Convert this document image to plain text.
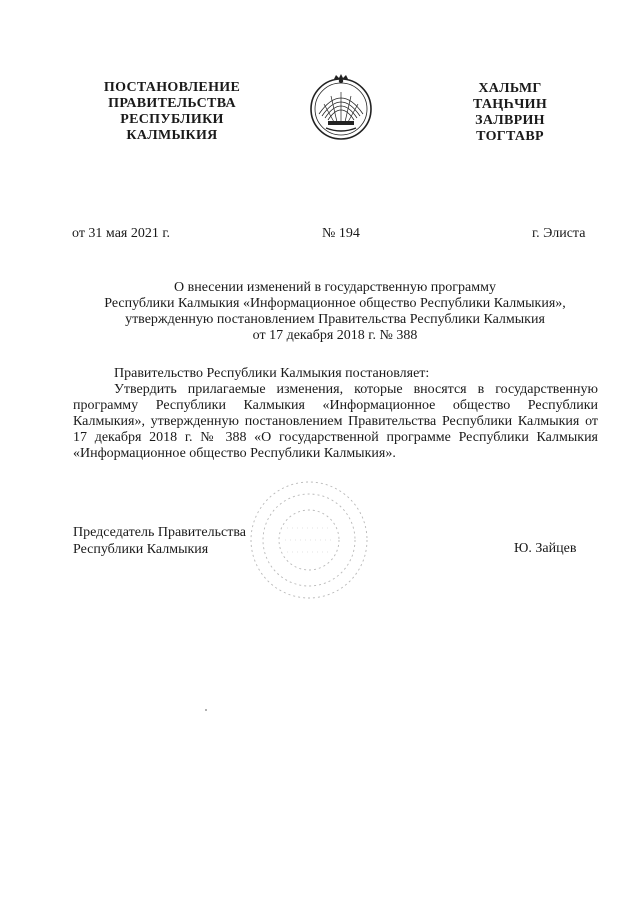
ПОСТАНОВЛЕНИЕ
ПРАВИТЕЛЬСТВА
РЕСПУБЛИКИ
КАЛМЫКИЯ
ХАЛЬМГ
ТАҢҺЧИН
ЗАЛВРИН
ТОГТАВР
от 31 мая 2021 г.	№ 194	г. Элиста
О внесении изменений в государственную программу
Республики Калмыкия «Информационное общество Республики Калмыкия»,
утвержденную постановлением Правительства Республики Калмыкия
от 17 декабря 2018 г. № 388
Правительство Республики Калмыкия постановляет:
Утвердить прилагаемые изменения, которые вносятся в государственную программу Республики Калмыкия «Информационное общество Республики Калмыкия», утвержденную постановлением Правительства Республики Калмыкия от 17 декабря 2018 г. № 388 «О государственной программе Республики Калмыкия «Информационное общество Республики Калмыкия».
Председатель Правительства
Республики Калмыкия	Ю. Зайцев
